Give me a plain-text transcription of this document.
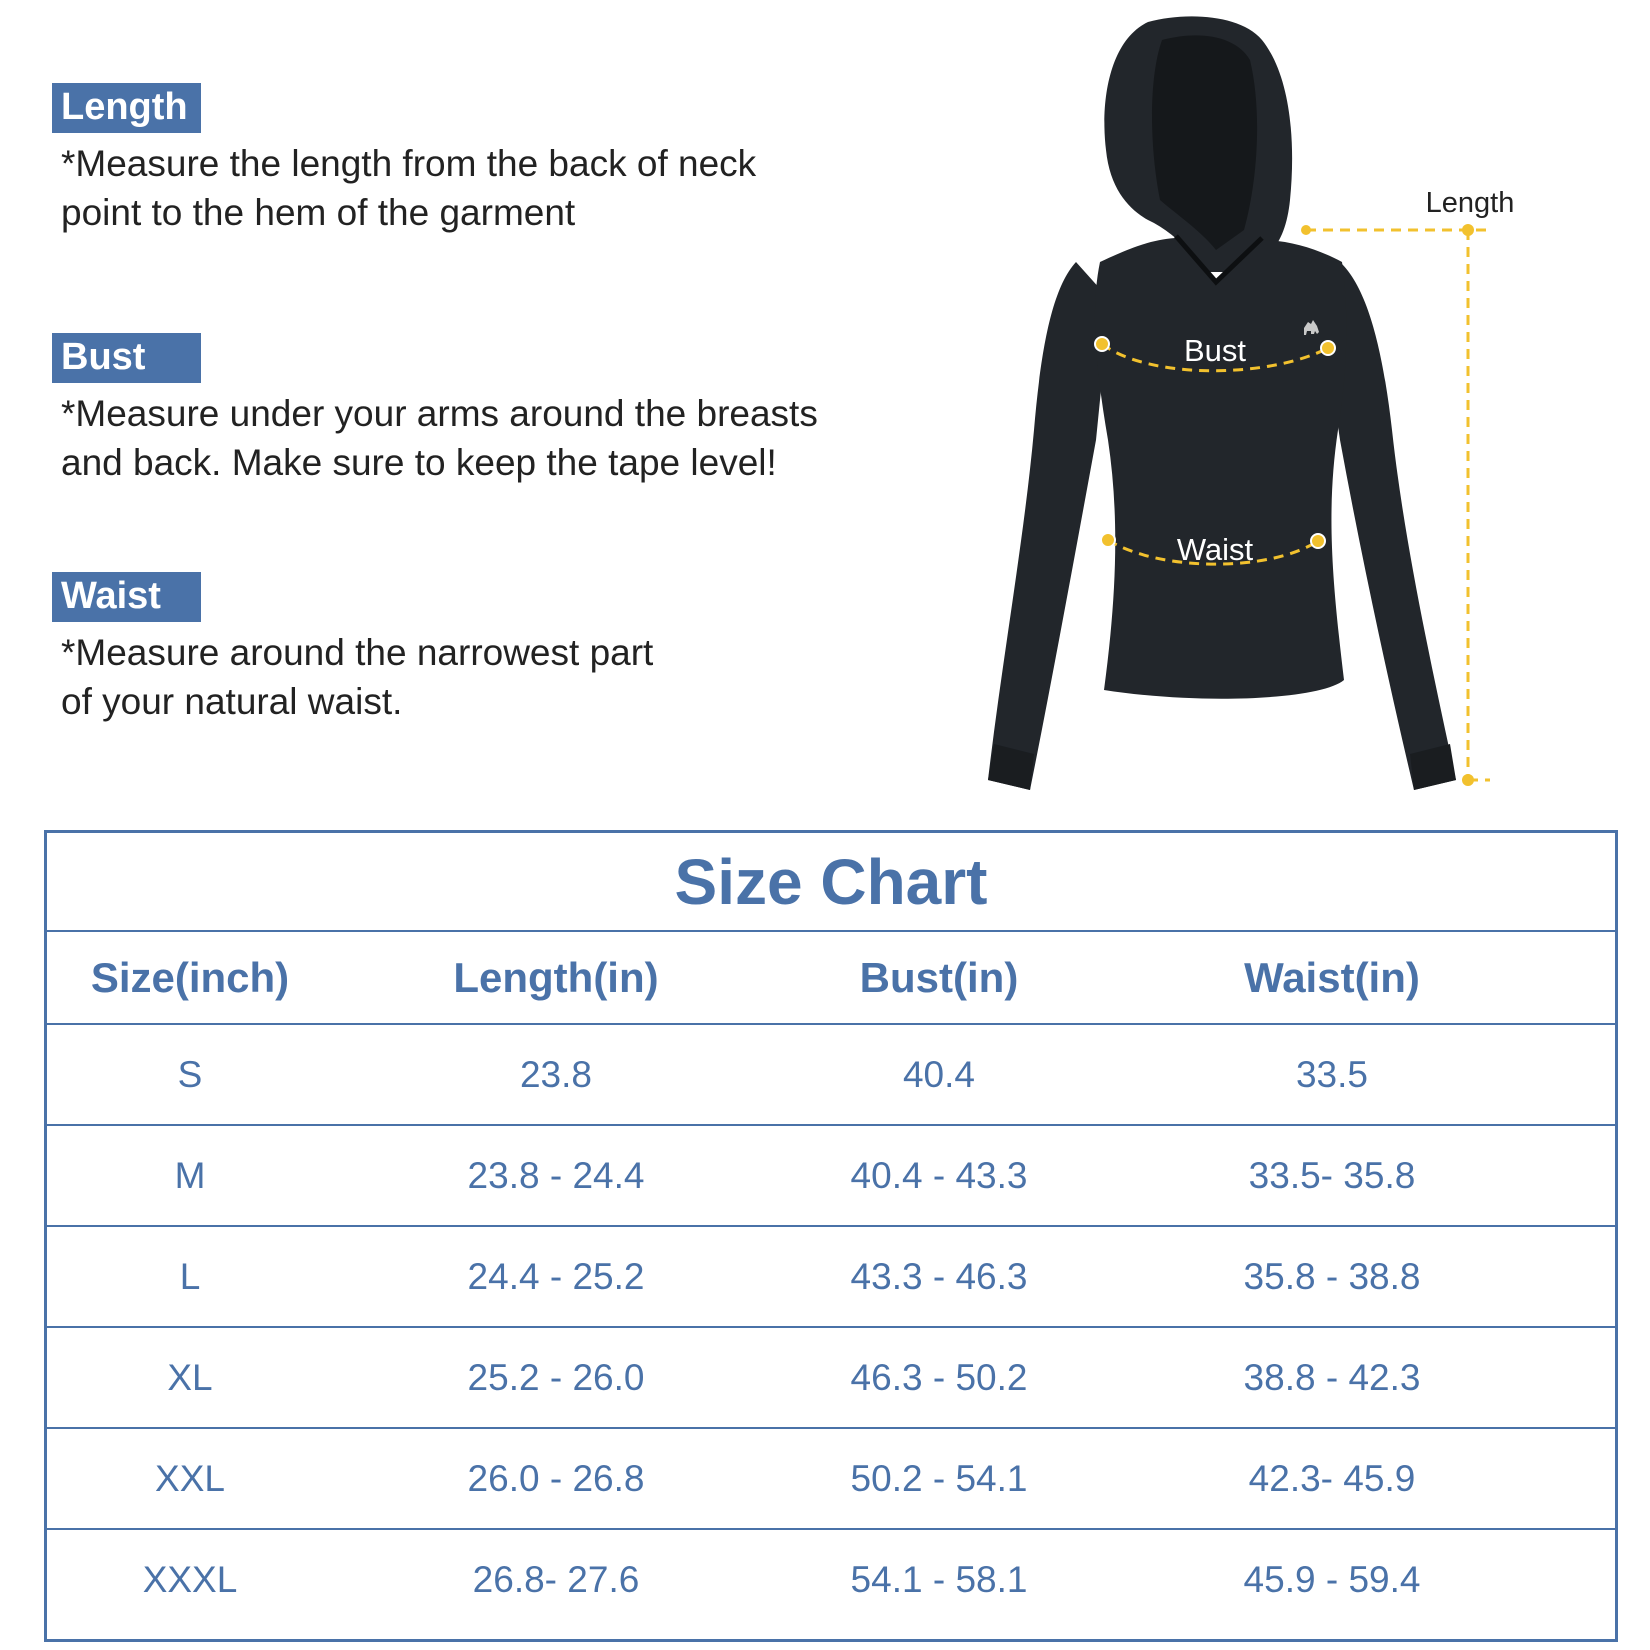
Length
*Measure the length from the back of neck
point to the hem of the garment
Bust
*Measure under your arms around the breasts
and back. Make sure to keep the tape level!
Waist
*Measure around the narrowest part
of your natural waist.
Length
Bust
Waist
Size Chart
Size(inch)	Length(in)	Bust(in)	Waist(in)
S	23.8	40.4	33.5
M	23.8 - 24.4	40.4 - 43.3	33.5- 35.8
L	24.4 - 25.2	43.3 - 46.3	35.8 - 38.8
XL	25.2 - 26.0	46.3 - 50.2	38.8 - 42.3
XXL	26.0 - 26.8	50.2 - 54.1	42.3- 45.9
XXXL	26.8- 27.6	54.1 - 58.1	45.9 - 59.4
